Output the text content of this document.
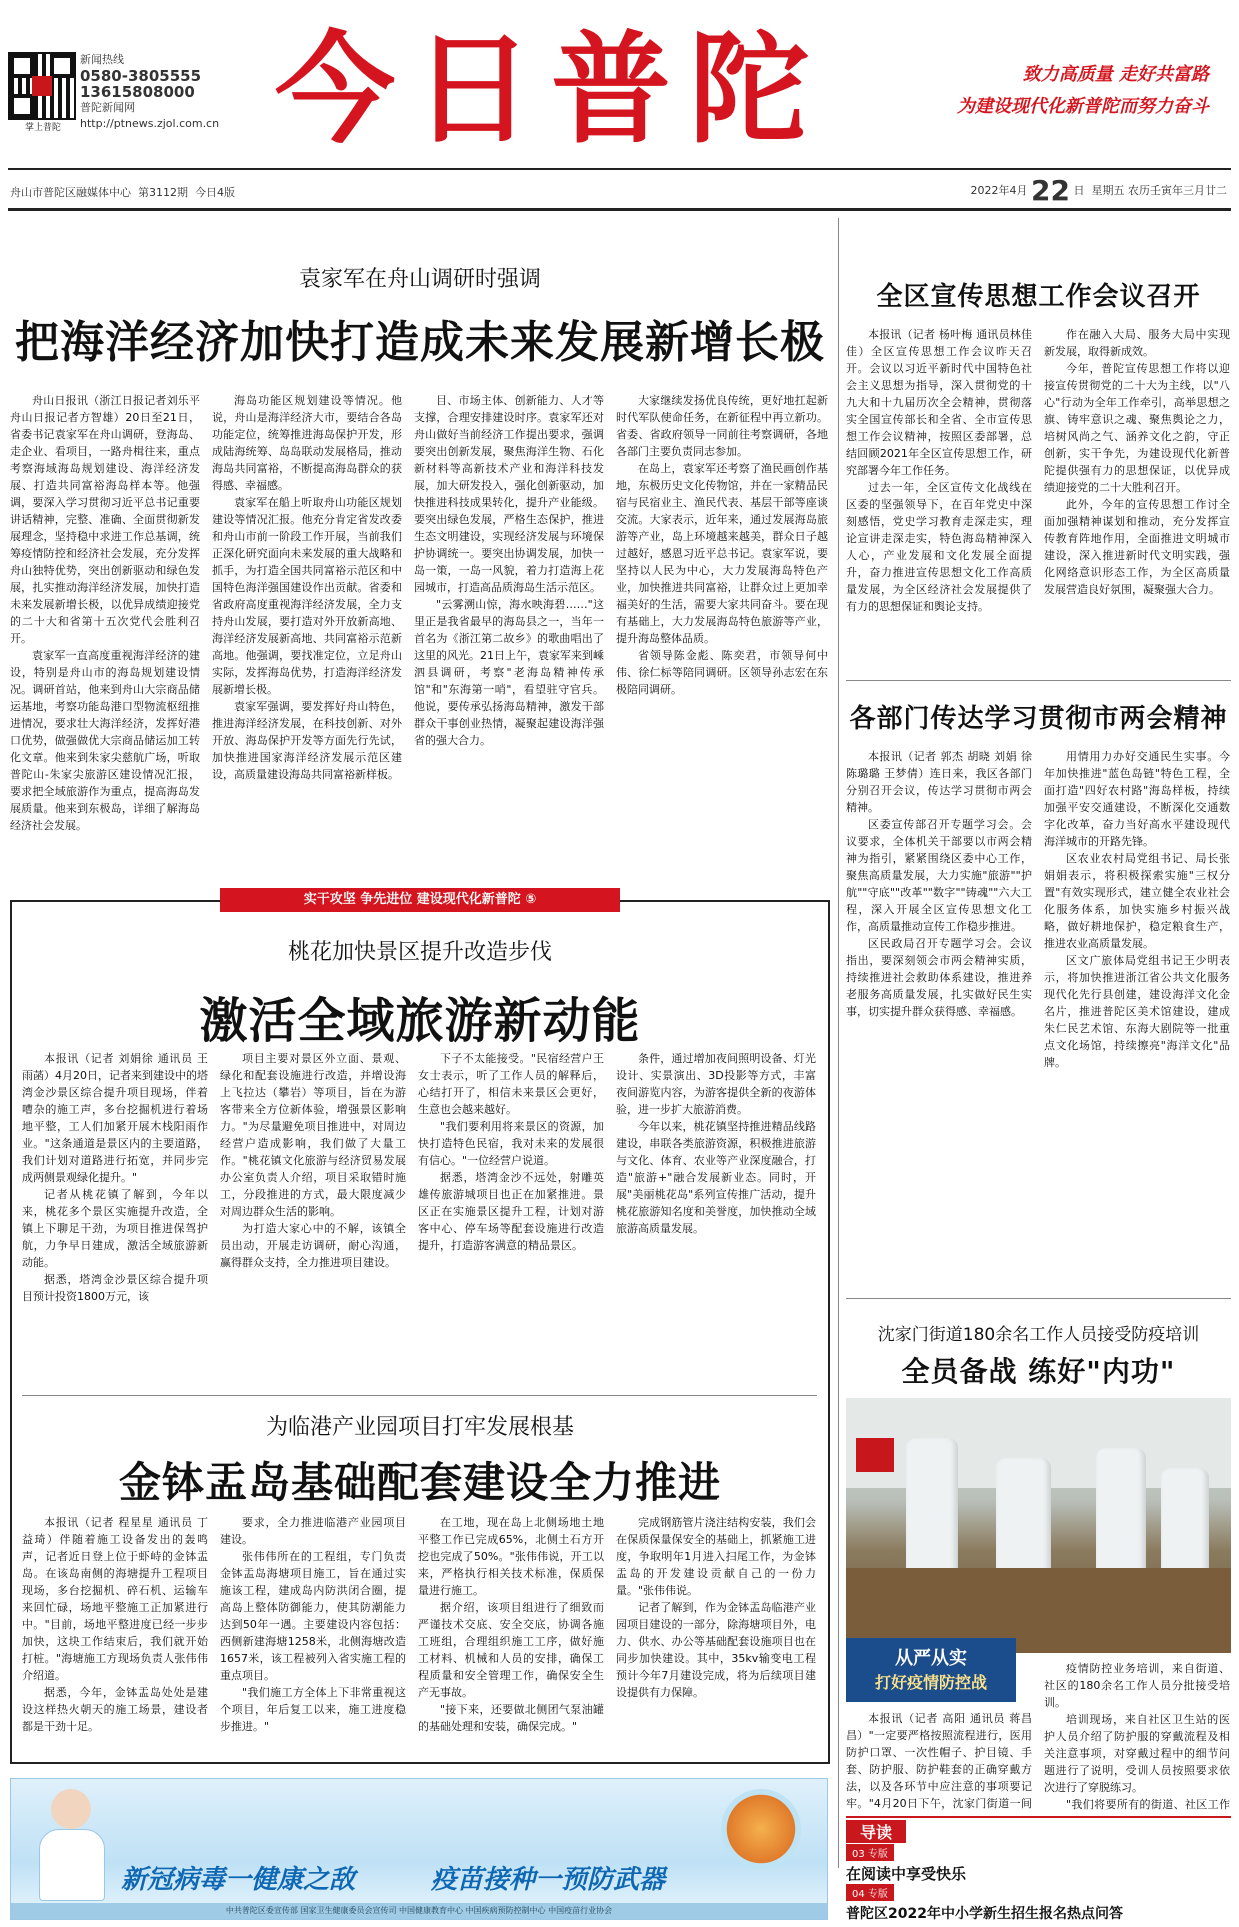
掌上普陀
新闻热线
0580-3805555
13615808000
普陀新闻网
http://ptnews.zjol.com.cn 今日普陀	致力高质量 走好共富路
为建设现代化新普陀而努力奋斗
舟山市普陀区融媒体中心 第3112期 今日4版	2022年4月 22 日 星期五 农历壬寅年三月廿二
袁家军在舟山调研时强调
把海洋经济加快打造成未来发展新增长极

舟山日报讯（浙江日报记者刘乐平 舟山日报记者方智雄）20日至21日，省委书记袁家军在舟山调研，登海岛、走企业、看项目，一路舟楫往来，重点考察海域海岛规划建设、海洋经济发展、打造共同富裕海岛样本等。他强调，要深入学习贯彻习近平总书记重要讲话精神，完整、准确、全面贯彻新发展理念，坚持稳中求进工作总基调，统筹疫情防控和经济社会发展，充分发挥舟山独特优势，突出创新驱动和绿色发展，扎实推动海洋经济发展，加快打造未来发展新增长极，以优异成绩迎接党的二十大和省第十五次党代会胜利召开。

袁家军一直高度重视海洋经济的建设，特别是舟山市的海岛规划建设情况。调研首站，他来到舟山大宗商品储运基地，考察功能岛港口型物流枢纽推进情况，要求壮大海洋经济，发挥好港口优势，做强做优大宗商品储运加工转化文章。他来到朱家尖慈航广场，听取普陀山-朱家尖旅游区建设情况汇报，要求把全域旅游作为重点，提高海岛发展质量。他来到东极岛，详细了解海岛经济社会发展。

海岛功能区规划建设等情况。他说，舟山是海洋经济大市，要结合各岛功能定位，统筹推进海岛保护开发，形成陆海统筹、岛岛联动发展格局，推动海岛共同富裕，不断提高海岛群众的获得感、幸福感。

袁家军在船上听取舟山功能区规划建设等情况汇报。他充分肯定省发改委和舟山市前一阶段工作开展，当前我们正深化研究面向未来发展的重大战略和抓手，为打造全国共同富裕示范区和中国特色海洋强国建设作出贡献。省委和省政府高度重视海洋经济发展，全力支持舟山发展，要打造对外开放新高地、海洋经济发展新高地、共同富裕示范新高地。他强调，要找准定位，立足舟山实际，发挥海岛优势，打造海洋经济发展新增长极。

袁家军强调，要发挥好舟山特色，推进海洋经济发展，在科技创新、对外开放、海岛保护开发等方面先行先试，加快推进国家海洋经济发展示范区建设，高质量建设海岛共同富裕新样板。

目、市场主体、创新能力、人才等支撑，合理安排建设时序。袁家军还对舟山做好当前经济工作提出要求，强调要突出创新发展，聚焦海洋生物、石化新材料等高新技术产业和海洋科技发展，加大研发投入，强化创新驱动，加快推进科技成果转化，提升产业能级。要突出绿色发展，严格生态保护，推进生态文明建设，实现经济发展与环境保护协调统一。要突出协调发展，加快一岛一策，一岛一风貌，着力打造海上花园城市，打造高品质海岛生活示范区。

"云雾溯山惊，海水映海碧……"这里正是我省最早的海岛县之一，当年一首名为《浙江第二故乡》的歌曲唱出了这里的风光。21日上午，袁家军来到嵊泗县调研，考察"老海岛精神传承馆"和"东海第一哨"，看望驻守官兵。他说，要传承弘扬海岛精神，激发干部群众干事创业热情，凝聚起建设海洋强省的强大合力。

大家继续发扬优良传统，更好地扛起新时代军队使命任务，在新征程中再立新功。省委、省政府领导一同前往考察调研，各地各部门主要负责同志参加。

在岛上，袁家军还考察了渔民画创作基地，东极历史文化传物馆，并在一家精品民宿与民宿业主、渔民代表、基层干部等座谈交流。大家表示，近年来，通过发展海岛旅游等产业，岛上环境越来越美，群众日子越过越好，感恩习近平总书记。袁家军说，要坚持以人民为中心，大力发展海岛特色产业，加快推进共同富裕，让群众过上更加幸福美好的生活，需要大家共同奋斗。要在现有基础上，大力发展海岛特色旅游等产业，提升海岛整体品质。

省领导陈金彪、陈奕君，市领导何中伟、徐仁标等陪同调研。区领导孙志宏在东极陪同调研。

全区宣传思想工作会议召开

本报讯（记者 杨叶梅 通讯员林佳佳）全区宣传思想工作会议昨天召开。会议以习近平新时代中国特色社会主义思想为指导，深入贯彻党的十九大和十九届历次全会精神，贯彻落实全国宣传部长和全省、全市宣传思想工作会议精神，按照区委部署，总结回顾2021年全区宣传思想工作，研究部署今年工作任务。

过去一年，全区宣传文化战线在区委的坚强领导下，在百年党史中深刻感悟，党史学习教育走深走实，理论宣讲走深走实，特色海岛精神深入人心，产业发展和文化发展全面提升，奋力推进宣传思想文化工作高质量发展，为全区经济社会发展提供了有力的思想保证和舆论支持。

作在融入大局、服务大局中实现新发展，取得新成效。

今年，普陀宣传思想工作将以迎接宣传贯彻党的二十大为主线，以"八心"行动为全年工作牵引，高举思想之旗、铸牢意识之魂、聚焦舆论之力，培树风尚之气、涵养文化之韵，守正创新，实干争先，为建设现代化新普陀提供强有力的思想保证，以优异成绩迎接党的二十大胜利召开。

此外，今年的宣传思想工作讨全面加强精神谋划和推动，充分发挥宣传教育阵地作用，全面推进文明城市建设，深入推进新时代文明实践，强化网络意识形态工作，为全区高质量发展营造良好氛围，凝聚强大合力。

各部门传达学习贯彻市两会精神

本报讯（记者 郭杰 胡晓 刘娟 徐 陈璐璐 王梦倩）连日来，我区各部门分别召开会议，传达学习贯彻市两会精神。

区委宣传部召开专题学习会。会议要求，全体机关干部要以市两会精神为指引，紧紧围绕区委中心工作，聚焦高质量发展，大力实施"旅游""护航""守底""改革""数字""铸魂""六大工程，深入开展全区宣传思想文化工作，高质量推动宣传工作稳步推进。

区民政局召开专题学习会。会议指出，要深刻领会市两会精神实质，持续推进社会救助体系建设，推进养老服务高质量发展，扎实做好民生实事，切实提升群众获得感、幸福感。

用情用力办好交通民生实事。今年加快推进"蓝色岛链"特色工程，全面打造"四好农村路"海岛样板，持续加强平安交通建设，不断深化交通数字化改革，奋力当好高水平建设现代海洋城市的开路先锋。

区农业农村局党组书记、局长张娟娟表示，将积极探索实施"三权分置"有效实现形式，建立健全农业社会化服务体系，加快实施乡村振兴战略，做好耕地保护，稳定粮食生产，推进农业高质量发展。

区文广旅体局党组书记王少明表示，将加快推进浙江省公共文化服务现代化先行县创建，建设海洋文化金名片，推进普陀区美术馆建设，建成朱仁民艺术馆、东海大剧院等一批重点文化场馆，持续擦亮"海洋文化"品牌。

沈家门街道180余名工作人员接受防疫培训
全员备战 练好"内功"
从严从实
打好疫情防控战

本报讯（记者 高阳 通讯员 蒋昌昌）"一定要严格按照流程进行，医用防护口罩、一次性帽子、护目镜、手套、防护服、防护鞋套的正确穿戴方法，以及各环节中应注意的事项要记牢。"4月20日下午，沈家门街道一间

疫情防控业务培训，来自街道、社区的180余名工作人员分批接受培训。

培训现场，来自社区卫生站的医护人员介绍了防护服的穿戴流程及相关注意事项，对穿戴过程中的细节问题进行了说明，受训人员按照要求依次进行了穿脱练习。

"我们将要所有的街道、社区工作

导读
03 专版
在阅读中享受快乐
04 专版
普陀区2022年中小学新生招生报名热点问答
实干攻坚 争先进位 建设现代化新普陀 ⑤
桃花加快景区提升改造步伐
激活全域旅游新动能

本报讯（记者 刘娟徐 通讯员 王雨菡）4月20日，记者来到建设中的塔湾金沙景区综合提升项目现场，伴着嘈杂的施工声，多台挖掘机进行着场地平整，工人们加紧开展木栈阳雨作业。"这条通道是景区内的主要道路，我们计划对道路进行拓宽，并同步完成两侧景观绿化提升。"

记者从桃花镇了解到，今年以来，桃花多个景区实施提升改造，全镇上下聊足干劲，为项目推进保驾护航，力争早日建成，激活全域旅游新动能。

据悉，塔湾金沙景区综合提升项目预计投资1800万元，该

项目主要对景区外立面、景观、绿化和配套设施进行改造，并增设海上飞拉达（攀岩）等项目，旨在为游客带来全方位新体验，增强景区影响力。"为尽量避免项目推进中，对周边经营户造成影响，我们做了大量工作。"桃花镇文化旅游与经济贸易发展办公室负责人介绍，项目采取错时施工，分段推进的方式，最大限度减少对周边群众生活的影响。

为打造大家心中的不解，该镇全员出动，开展走访调研，耐心沟通，赢得群众支持，全力推进项目建设。

下子不太能接受。"民宿经营户王女士表示，听了工作人员的解释后，心结打开了，相信未来景区会更好，生意也会越来越好。

"我们要利用将来景区的资源，加快打造特色民宿，我对未来的发展很有信心。"一位经营户说道。

据悉，塔湾金沙不远处，射雕英雄传旅游城项目也正在加紧推进。景区正在实施景区提升工程，计划对游客中心、停车场等配套设施进行改造提升，打造游客满意的精品景区。

条件，通过增加夜间照明设备、灯光设计、实景演出、3D投影等方式，丰富夜间游览内容，为游客提供全新的夜游体验，进一步扩大旅游消费。

今年以来，桃花镇坚持推进精品线路建设，串联各类旅游资源，积极推进旅游与文化、体育、农业等产业深度融合，打造"旅游+"融合发展新业态。同时，开展"美丽桃花岛"系列宣传推广活动，提升桃花旅游知名度和美誉度，加快推动全域旅游高质量发展。

为临港产业园项目打牢发展根基
金钵盂岛基础配套建设全力推进

本报讯（记者 程星星 通讯员 丁益琦）伴随着施工设备发出的轰鸣声，记者近日登上位于虾峙的金钵盂岛。在该岛南侧的海塘提升工程项目现场，多台挖掘机、碎石机、运输车来回忙碌，场地平整施工正加紧进行中。"目前，场地平整进度已经一步步加快，这块工作结束后，我们就开始打桩。"海塘施工方现场负责人张伟伟介绍道。

据悉，今年，金钵盂岛处处是建设这样热火朝天的施工场景，建设者都是干劲十足。

要求，全力推进临港产业园项目建设。

张伟伟所在的工程组，专门负责金钵盂岛海塘项目施工，旨在通过实施该工程，建成岛内防洪闭合圈，提高岛上整体防御能力，使其防潮能力达到50年一遇。主要建设内容包括：西侧新建海塘1258米，北侧海塘改造1657米，该工程被列入省实施工程的重点项目。

"我们施工方全体上下非常重视这个项目，年后复工以来，施工进度稳步推进。"

在工地，现在岛上北侧场地土地平整工作已完成65%，北侧土石方开挖也完成了50%。"张伟伟说，开工以来，严格执行相关技术标准，保质保量进行施工。

据介绍，该项目组进行了细致而严谨技术交底、安全交底，协调各施工班组，合理组织施工工序，做好施工材料、机械和人员的安排，确保工程质量和安全管理工作，确保安全生产无事故。

"接下来，还要做北侧团气泵油罐的基础处理和安装，确保完成。"

完成钢筋管片浇注结构安装，我们会在保质保量保安全的基础上，抓紧施工进度，争取明年1月进入扫尾工作，为金钵盂岛的开发建设贡献自己的一份力量。"张伟伟说。

记者了解到，作为金钵盂岛临港产业园项目建设的一部分，除海塘项目外，电力、供水、办公等基础配套设施项目也在同步加快建设。其中，35kv输变电工程预计今年7月建设完成，将为后续项目建设提供有力保障。

新冠病毒一健康之敌	疫苗接种一预防武器
中共普陀区委宣传部 国家卫生健康委员会宣传司 中国健康教育中心 中国疾病预防控制中心 中国疫苗行业协会
